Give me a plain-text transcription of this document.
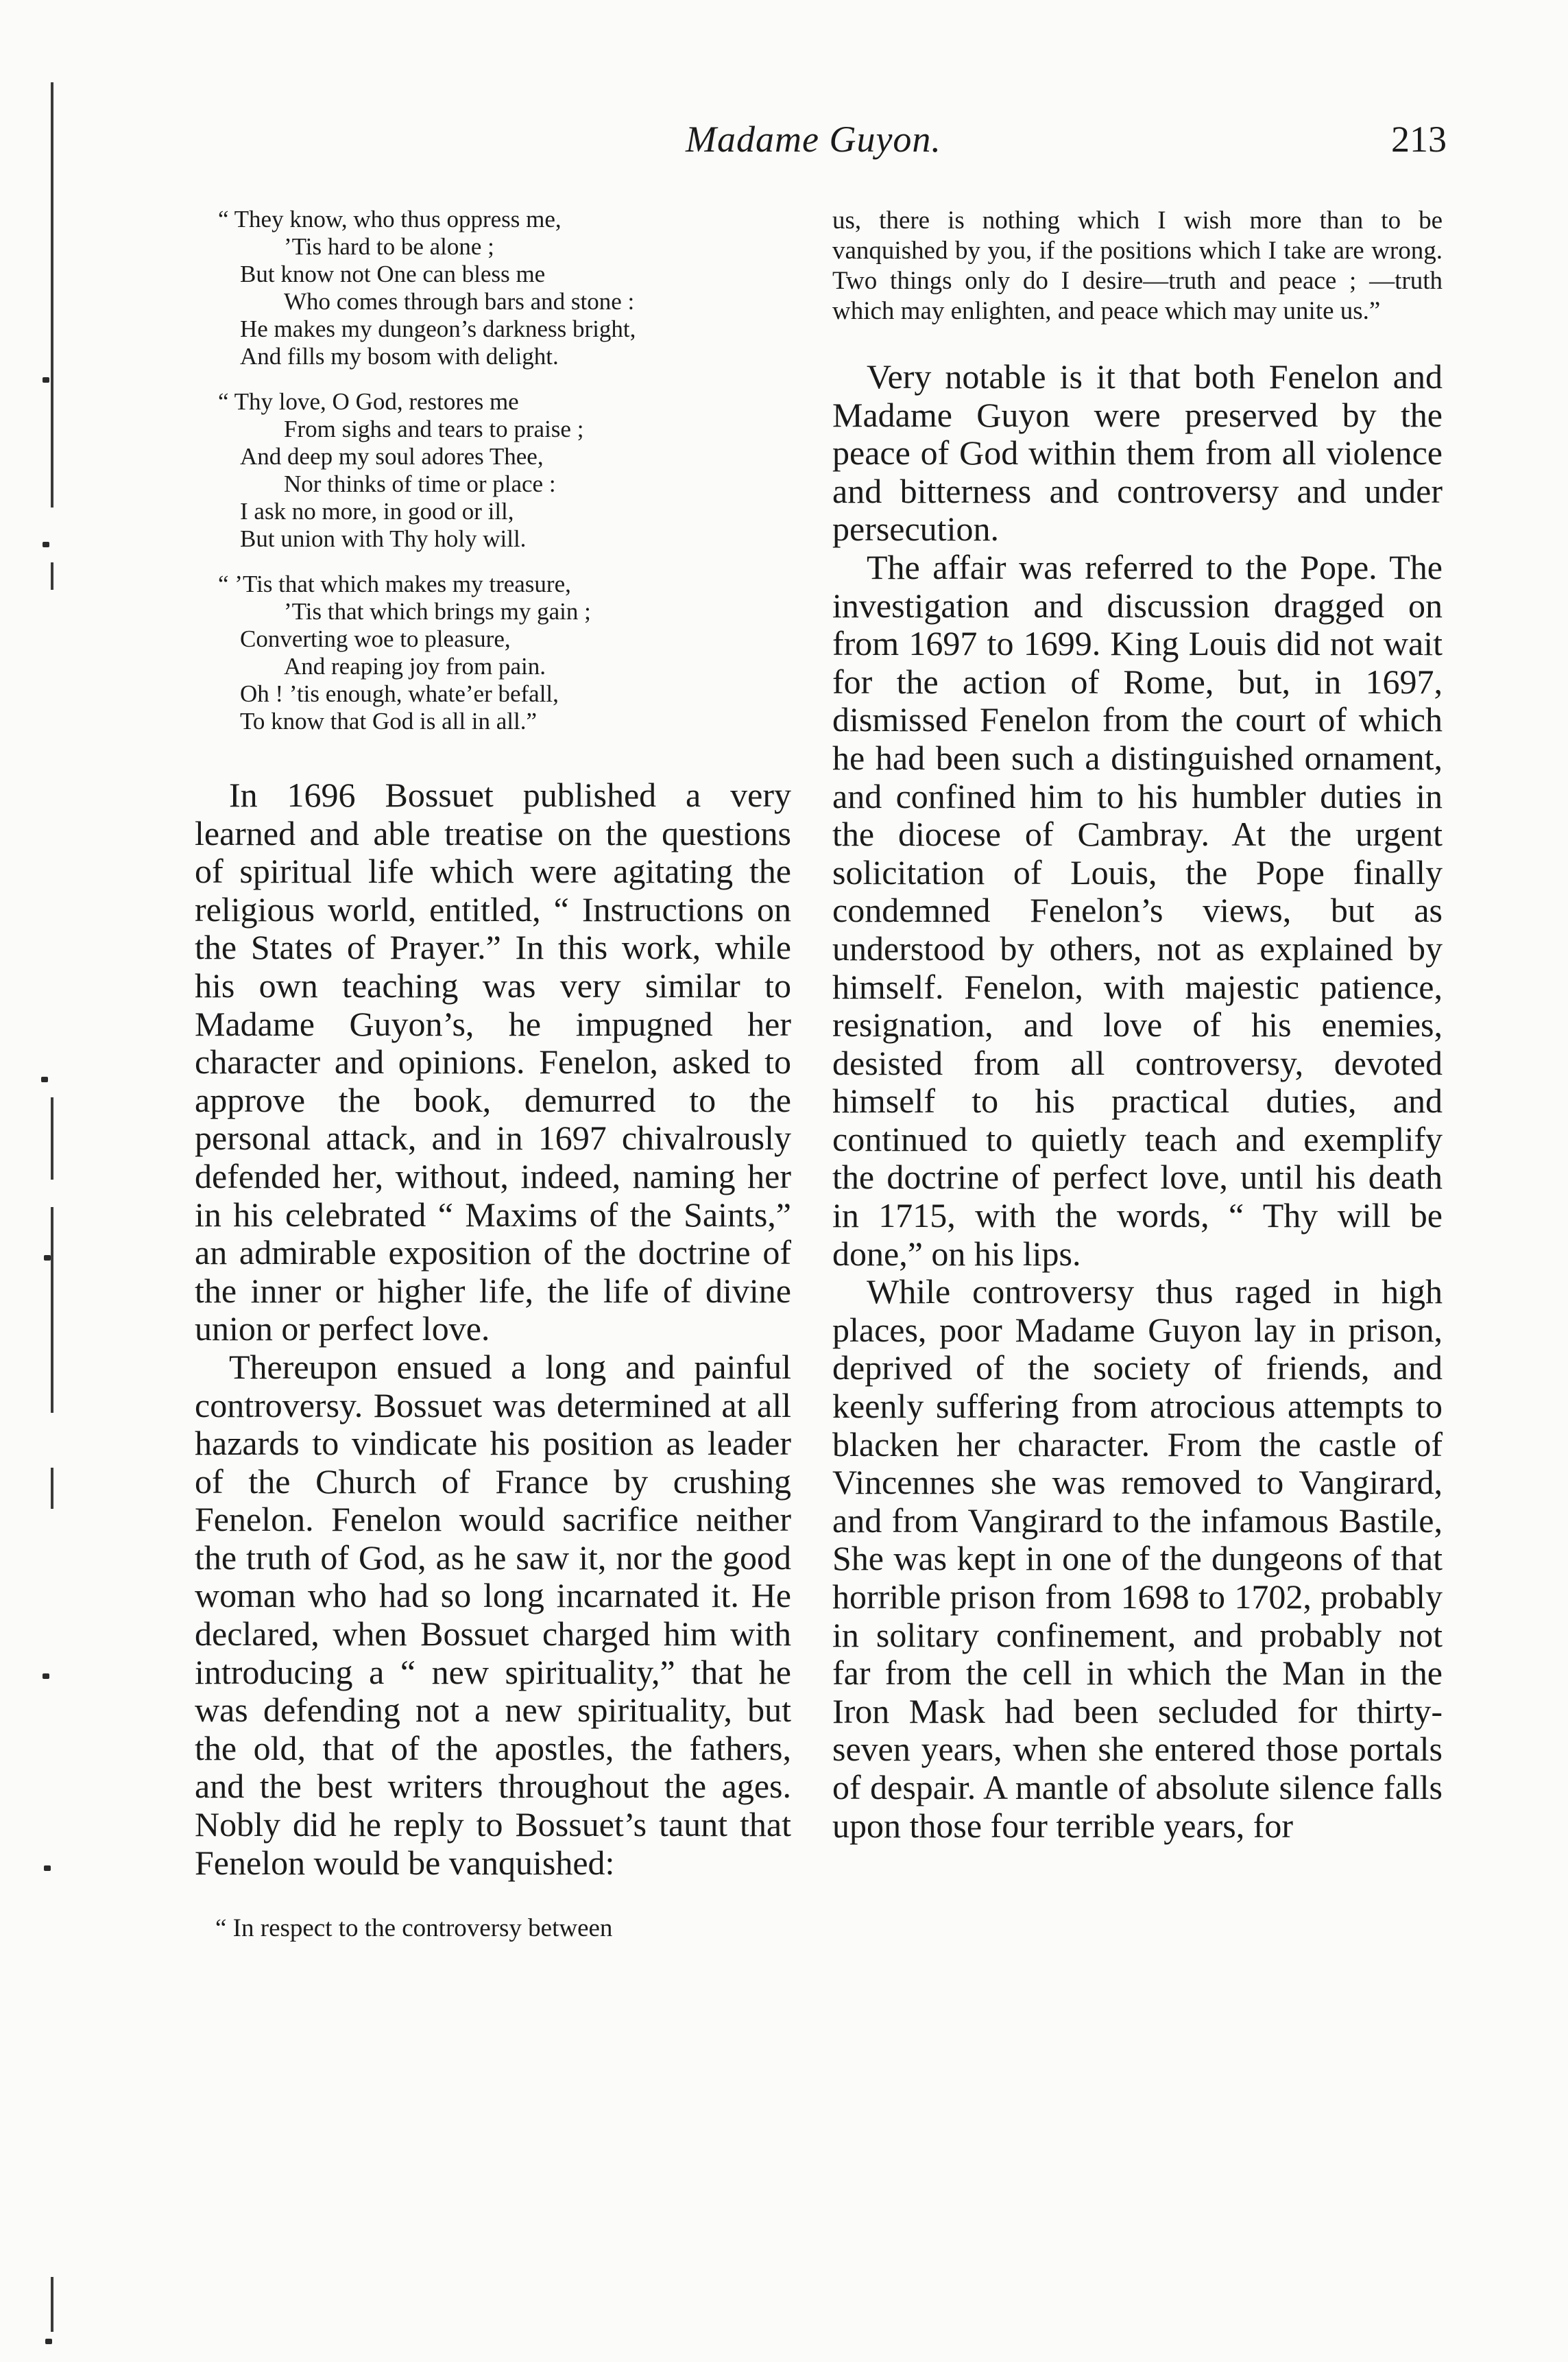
Madame Guyon.	213

“ They know, who thus oppress me,
’Tis hard to be alone ;
But know not One can bless me
Who comes through bars and stone :
He makes my dungeon’s darkness bright,
And fills my bosom with delight.

“ Thy love, O God, restores me
From sighs and tears to praise ;
And deep my soul adores Thee,
Nor thinks of time or place :
I ask no more, in good or ill,
But union with Thy holy will.

“ ’Tis that which makes my treasure,
’Tis that which brings my gain ;
Converting woe to pleasure,
And reaping joy from pain.
Oh ! ’tis enough, whate’er befall,
To know that God is all in all.”

In 1696 Bossuet published a very learned and able treatise on the questions of spiritual life which were agitating the religious world, entitled, “ Instructions on the States of Prayer.” In this work, while his own teaching was very similar to Madame Guyon’s, he impugned her character and opinions. Fenelon, asked to approve the book, demurred to the personal attack, and in 1697 chivalrously defended her, without, indeed, naming her in his celebrated “ Maxims of the Saints,” an admirable exposition of the doctrine of the inner or higher life, the life of divine union or perfect love.

Thereupon ensued a long and painful controversy. Bossuet was determined at all hazards to vindicate his position as leader of the Church of France by crushing Fenelon. Fenelon would sacrifice neither the truth of God, as he saw it, nor the good woman who had so long incarnated it. He declared, when Bossuet charged him with introducing a “ new spirituality,” that he was defending not a new spirituality, but the old, that of the apostles, the fathers, and the best writers throughout the ages. Nobly did he reply to Bossuet’s taunt that Fenelon would be vanquished:

“ In respect to the controversy between

us, there is nothing which I wish more than to be vanquished by you, if the positions which I take are wrong. Two things only do I desire—truth and peace ; —truth which may enlighten, and peace which may unite us.”

Very notable is it that both Fenelon and Madame Guyon were preserved by the peace of God within them from all violence and bitterness and controversy and under persecution.

The affair was referred to the Pope. The investigation and discussion dragged on from 1697 to 1699. King Louis did not wait for the action of Rome, but, in 1697, dismissed Fenelon from the court of which he had been such a distinguished ornament, and confined him to his humbler duties in the diocese of Cambray. At the urgent solicitation of Louis, the Pope finally condemned Fenelon’s views, but as understood by others, not as explained by himself. Fenelon, with majestic patience, resignation, and love of his enemies, desisted from all controversy, devoted himself to his practical duties, and continued to quietly teach and exemplify the doctrine of perfect love, until his death in 1715, with the words, “ Thy will be done,” on his lips.

While controversy thus raged in high places, poor Madame Guyon lay in prison, deprived of the society of friends, and keenly suffering from atrocious attempts to blacken her character. From the castle of Vincennes she was removed to Vangirard, and from Vangirard to the infamous Bastile, She was kept in one of the dungeons of that horrible prison from 1698 to 1702, probably in solitary confinement, and probably not far from the cell in which the Man in the Iron Mask had been secluded for thirty-seven years, when she entered those portals of despair. A mantle of absolute silence falls upon those four terrible years, for
